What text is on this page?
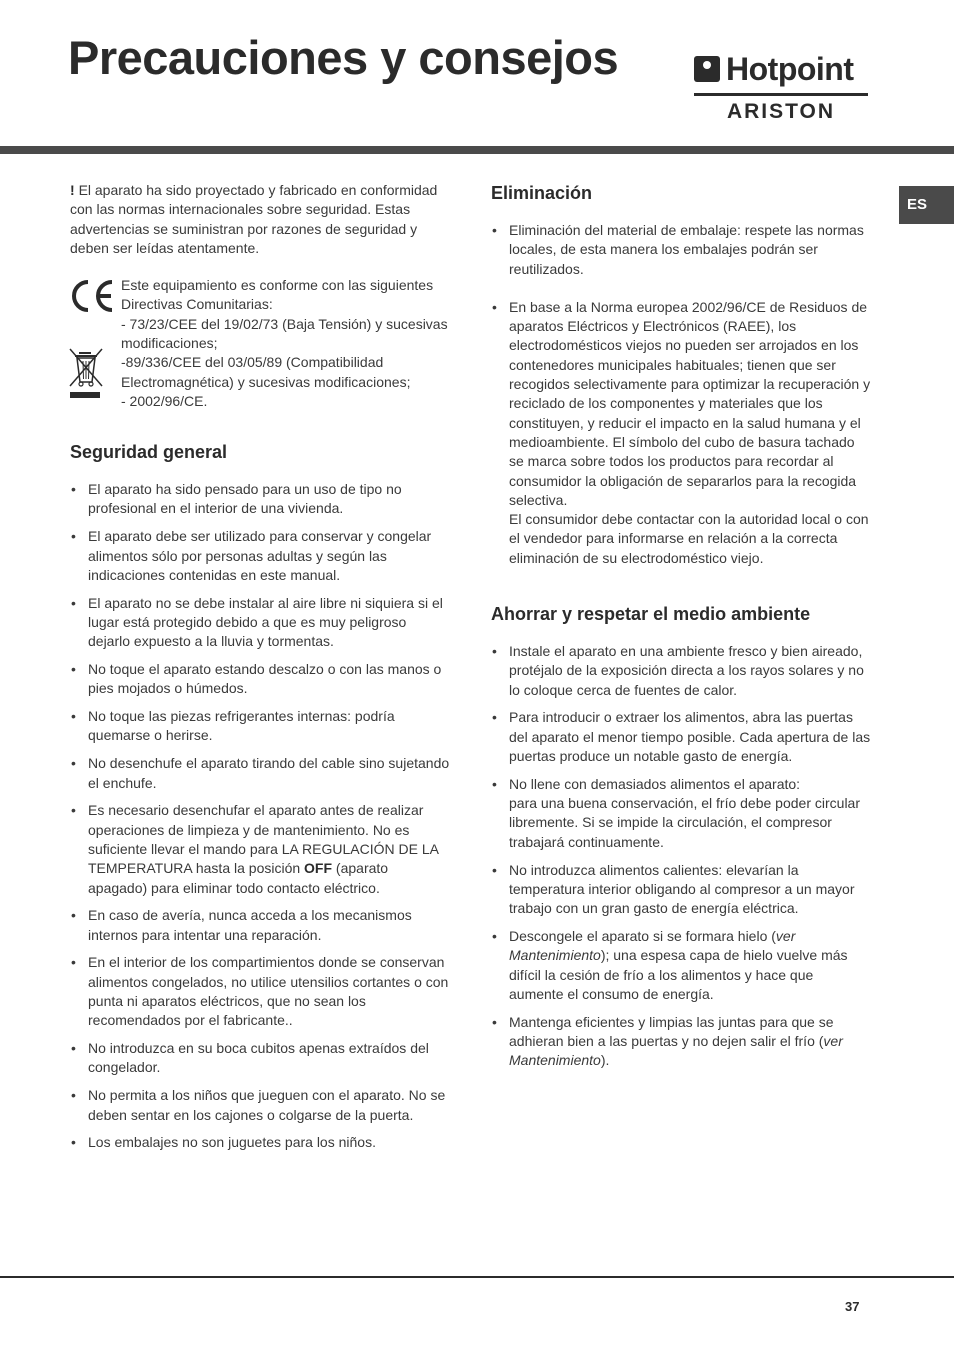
Precauciones y consejos	Hotpoint
ARISTON
ES

! El aparato ha sido proyectado y fabricado en conformidad con las normas internacionales sobre seguridad. Estas advertencias se suministran por razones de seguridad y deben ser leídas atentamente.

Este equipamiento es conforme con las siguientes Directivas Comunitarias:

- 73/23/CEE del 19/02/73 (Baja Tensión) y sucesivas modificaciones;

-89/336/CEE del 03/05/89 (Compatibilidad Electromagnética) y sucesivas modificaciones;

- 2002/96/CE.

Seguridad general
• El aparato ha sido pensado para un uso de tipo no profesional en el interior de una vivienda.
• El aparato debe ser utilizado para conservar y congelar alimentos sólo por personas adultas y según las indicaciones contenidas en este manual.
• El aparato no se debe instalar al aire libre ni siquiera si el lugar está protegido debido a que es muy peligroso dejarlo expuesto a la lluvia y tormentas.
• No toque el aparato estando descalzo o con las manos o pies mojados o húmedos.
• No toque las piezas refrigerantes internas: podría quemarse o herirse.
• No desenchufe el aparato tirando del cable sino sujetando el enchufe.
• Es necesario desenchufar el aparato antes de realizar operaciones de limpieza y de mantenimiento. No es suficiente llevar el mando para LA REGULACIÓN DE LA TEMPERATURA hasta la posición OFF (aparato apagado) para eliminar todo contacto eléctrico.
• En caso de avería, nunca acceda a los mecanismos internos para intentar una reparación.
• En el interior de los compartimientos donde se conservan alimentos congelados, no utilice utensilios cortantes o con punta ni aparatos eléctricos, que no sean los recomendados por el fabricante..
• No introduzca en su boca cubitos apenas extraídos del congelador.
• No permita a los niños que jueguen con el aparato. No se deben sentar en los cajones o colgarse de la puerta.
• Los embalajes no son juguetes para los niños.
Eliminación
• Eliminación del material de embalaje: respete las normas locales, de esta manera los embalajes podrán ser reutilizados.
• En base a la Norma europea 2002/96/CE de Residuos de aparatos Eléctricos y Electrónicos (RAEE), los electrodomésticos viejos no pueden ser arrojados en los contenedores municipales habituales; tienen que ser recogidos selectivamente para optimizar la recuperación y reciclado de los componentes y materiales que los constituyen, y reducir el impacto en la salud humana y el medioambiente. El símbolo del cubo de basura tachado se marca sobre todos los productos para recordar al consumidor la obligación de separarlos para la recogida selectiva.
El consumidor debe contactar con la autoridad local o con el vendedor para informarse en relación a la correcta eliminación de su electrodoméstico viejo.
Ahorrar y respetar el medio ambiente
• Instale el aparato en una ambiente fresco y bien aireado, protéjalo de la exposición directa a los rayos solares y no lo coloque cerca de fuentes de calor.
• Para introducir o extraer los alimentos, abra las puertas del aparato el menor tiempo posible. Cada apertura de las puertas produce un notable gasto de energía.
• No llene con demasiados alimentos el aparato:
para una buena conservación, el frío debe poder circular libremente. Si se impide la circulación, el compresor trabajará continuamente.
• No introduzca alimentos calientes: elevarían la temperatura interior obligando al compresor a un mayor trabajo con un gran gasto de energía eléctrica.
• Descongele el aparato si se formara hielo (ver Mantenimiento); una espesa capa de hielo vuelve más difícil la cesión de frío a los alimentos y hace que aumente el consumo de energía.
• Mantenga eficientes y limpias las juntas para que se adhieran bien a las puertas y no dejen salir el frío (ver Mantenimiento).
37
